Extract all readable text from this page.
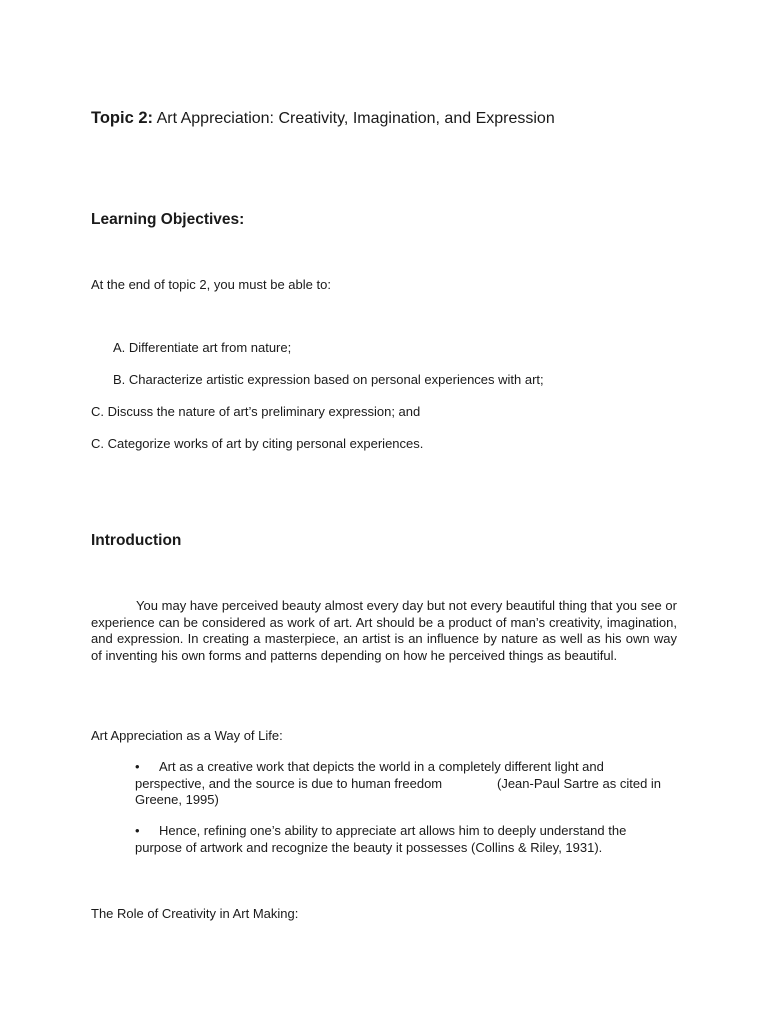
Topic 2: Art Appreciation: Creativity, Imagination, and Expression
Learning Objectives:
At the end of topic 2, you must be able to:
A. Differentiate art from nature;
B. Characterize artistic expression based on personal experiences with art;
C. Discuss the nature of art’s preliminary expression; and
C. Categorize works of art by citing personal experiences.
Introduction
You may have perceived beauty almost every day but not every beautiful thing that you see or experience can be considered as work of art. Art should be a product of man’s creativity, imagination, and expression. In creating a masterpiece, an artist is an influence by nature as well as his own way of inventing his own forms and patterns depending on how he perceived things as beautiful.
Art Appreciation as a Way of Life:
• Art as a creative work that depicts the world in a completely different light and
perspective, and the source is due to human freedom	(Jean-Paul Sartre as cited in
Greene, 1995)
• Hence, refining one’s ability to appreciate art allows him to deeply understand the
purpose of artwork and recognize the beauty it possesses (Collins & Riley, 1931).
The Role of Creativity in Art Making:
